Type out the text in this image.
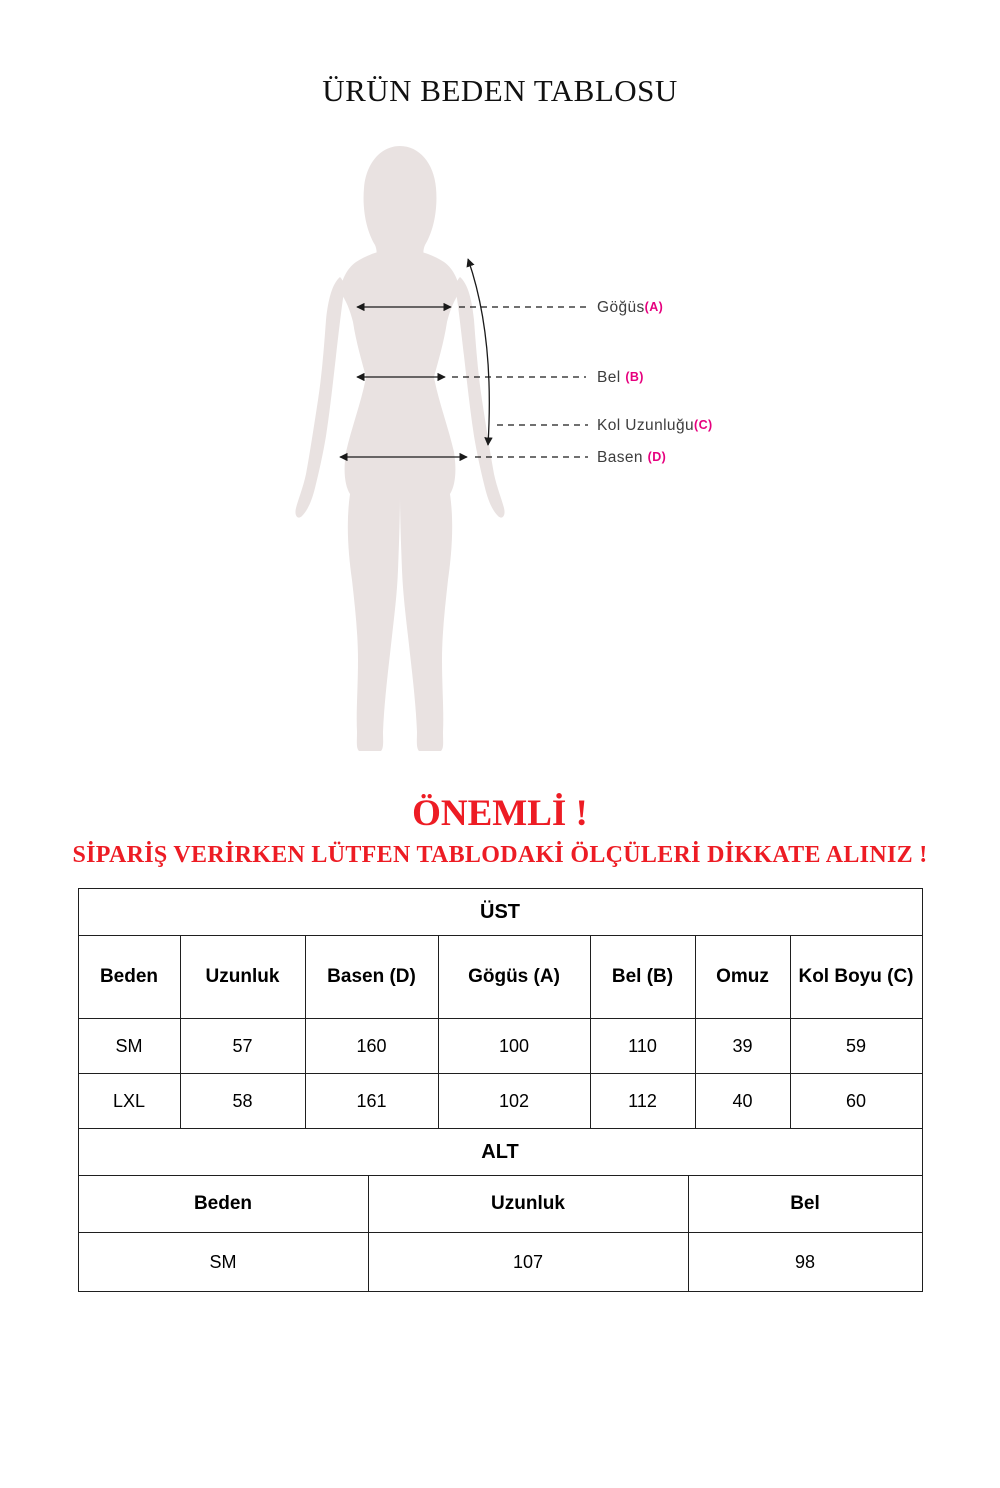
ÜRÜN BEDEN TABLOSU
Göğüs(A)
Bel (B)
Kol Uzunluğu(C)
Basen (D)
ÖNEMLİ !
SİPARİŞ VERİRKEN LÜTFEN TABLODAKİ ÖLÇÜLERİ DİKKATE ALINIZ !
ÜST						
Beden	Uzunluk	Basen (D)	Gögüs (A)	Bel (B)	Omuz	Kol Boyu (C)
SM	57	160	100	110	39	59
LXL	58	161	102	112	40	60
ALT		
Beden	Uzunluk	Bel
SM	107	98
